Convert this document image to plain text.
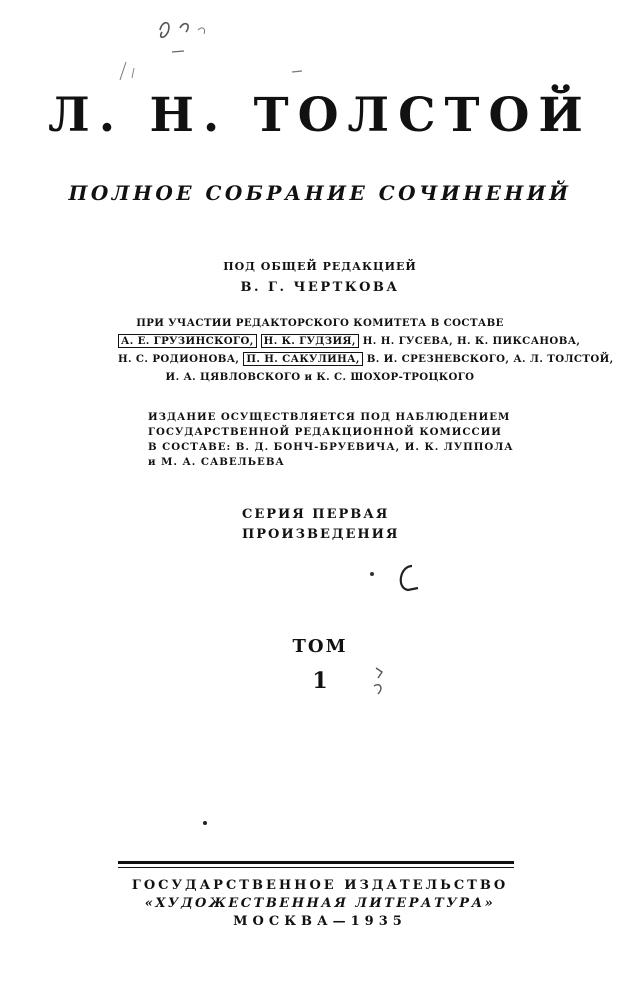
Л. Н. ТОЛСТОЙ
ПОЛНОЕ СОБРАНИЕ СОЧИНЕНИЙ
ПОД ОБЩЕЙ РЕДАКЦИЕЙ
В. Г. ЧЕРТКОВА
ПРИ УЧАСТИИ РЕДАКТОРСКОГО КОМИТЕТА В СОСТАВЕ
А. Е. ГРУЗИНСКОГО, Н. К. ГУДЗИЯ, Н. Н. ГУСЕВА, Н. К. ПИКСАНОВА,
Н. С. РОДИОНОВА, П. Н. САКУЛИНА, В. И. СРЕЗНЕВСКОГО, А. Л. ТОЛСТОЙ,
И. А. ЦЯВЛОВСКОГО и К. С. ШОХОР-ТРОЦКОГО
ИЗДАНИЕ ОСУЩЕСТВЛЯЕТСЯ ПОД НАБЛЮДЕНИЕМ
ГОСУДАРСТВЕННОЙ РЕДАКЦИОННОЙ КОМИССИИ
В СОСТАВЕ: В. Д. БОНЧ-БРУЕВИЧА, И. К. ЛУППОЛА
и М. А. САВЕЛЬЕВА
СЕРИЯ ПЕРВАЯ
ПРОИЗВЕДЕНИЯ
ТОМ
1
ГОСУДАРСТВЕННОЕ ИЗДАТЕЛЬСТВО
«ХУДОЖЕСТВЕННАЯ ЛИТЕРАТУРА»
МОСКВА—1935
